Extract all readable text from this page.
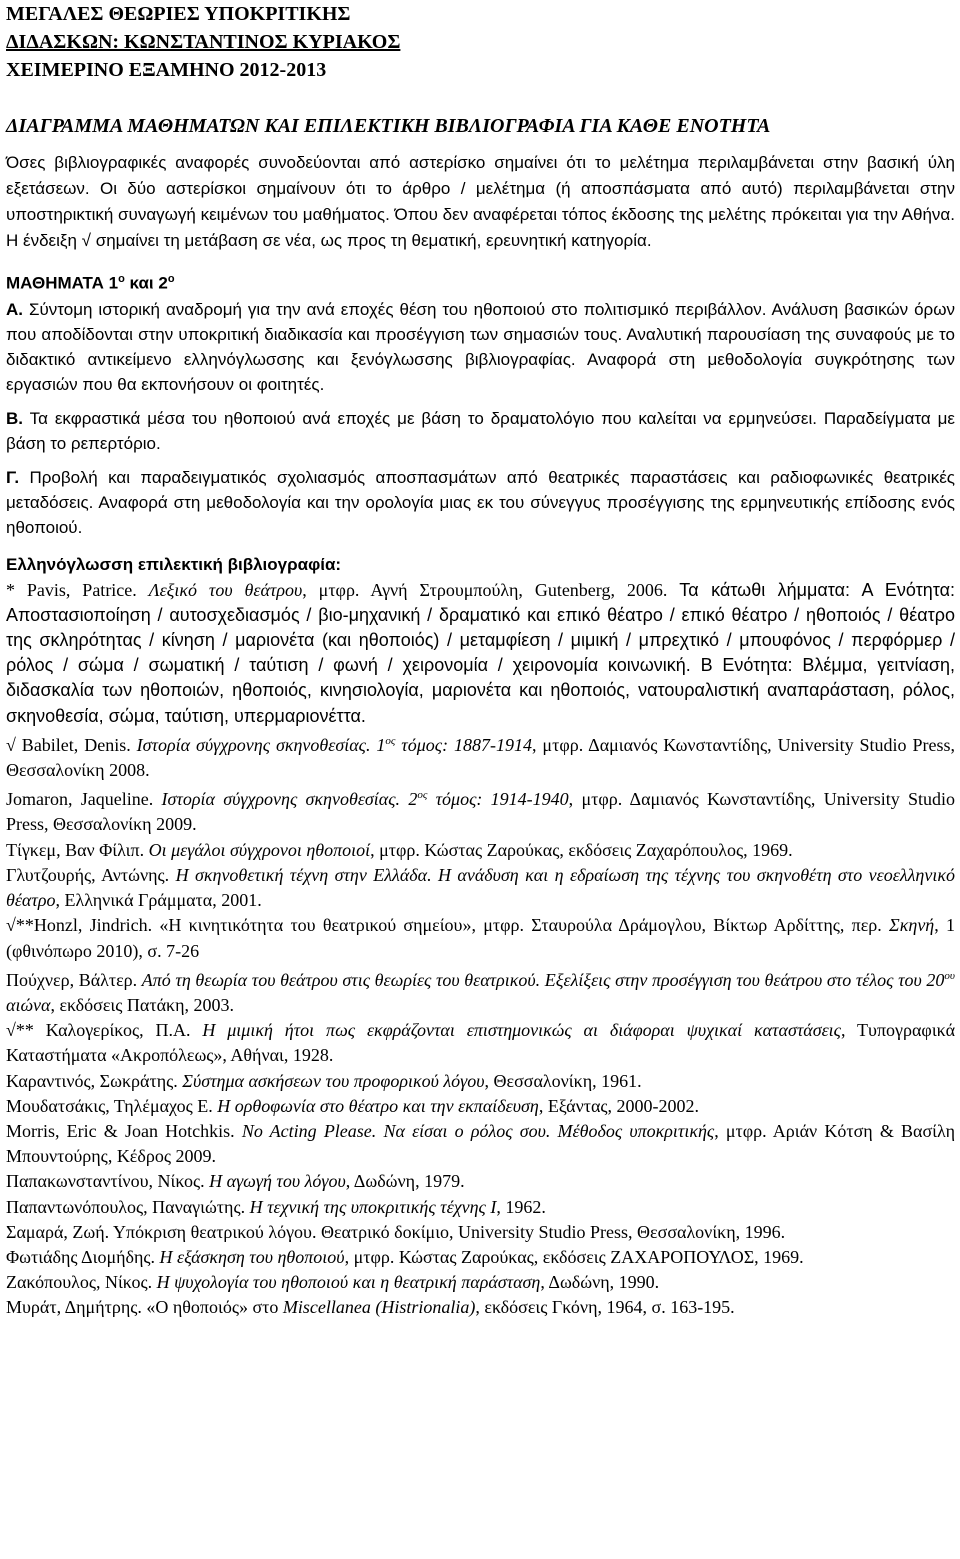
ΜΕΓΑΛΕΣ ΘΕΩΡΙΕΣ ΥΠΟΚΡΙΤΙΚΗΣ
ΔΙΔΑΣΚΩΝ: ΚΩΝΣΤΑΝΤΙΝΟΣ ΚΥΡΙΑΚΟΣ
ΧΕΙΜΕΡΙΝΟ ΕΞΑΜΗΝΟ 2012-2013
ΔΙΑΓΡΑΜΜΑ ΜΑΘΗΜΑΤΩΝ ΚΑΙ ΕΠΙΛΕΚΤΙΚΗ ΒΙΒΛΙΟΓΡΑΦΙΑ ΓΙΑ ΚΑΘΕ ΕΝΟΤΗΤΑ
Όσες βιβλιογραφικές αναφορές συνοδεύονται από αστερίσκο σημαίνει ότι το μελέτημα περιλαμβάνεται στην βασική ύλη εξετάσεων. Οι δύο αστερίσκοι σημαίνουν ότι το άρθρο / μελέτημα (ή αποσπάσματα από αυτό) περιλαμβάνεται στην υποστηρικτική συναγωγή κειμένων του μαθήματος. Όπου δεν αναφέρεται τόπος έκδοσης της μελέτης πρόκειται για την Αθήνα. Η ένδειξη √ σημαίνει τη μετάβαση σε νέα, ως προς τη θεματική, ερευνητική κατηγορία.
ΜΑΘΗΜΑΤΑ $1^o$ και $2^o$
Α. Σύντομη ιστορική αναδρομή για την ανά εποχές θέση του ηθοποιού στο πολιτισμικό περιβάλλον. Ανάλυση βασικών όρων που αποδίδονται στην υποκριτική διαδικασία και προσέγγιση των σημασιών τους. Αναλυτική παρουσίαση της συναφούς με το διδακτικό αντικείμενο ελληνόγλωσσης και ξενόγλωσσης βιβλιογραφίας. Αναφορά στη μεθοδολογία συγκρότησης των εργασιών που θα εκπονήσουν οι φοιτητές.
Β. Τα εκφραστικά μέσα του ηθοποιού ανά εποχές με βάση το δραματολόγιο που καλείται να ερμηνεύσει. Παραδείγματα με βάση το ρεπερτόριο.
Γ. Προβολή και παραδειγματικός σχολιασμός αποσπασμάτων από θεατρικές παραστάσεις και ραδιοφωνικές θεατρικές μεταδόσεις. Αναφορά στη μεθοδολογία και την ορολογία μιας εκ του σύνεγγυς προσέγγισης της ερμηνευτικής επίδοσης ενός ηθοποιού.
Ελληνόγλωσση επιλεκτική βιβλιογραφία:
* Pavis, Patrice. Λεξικό του θεάτρου, μτφρ. Αγνή Στρουμπούλη, Gutenberg, 2006. Τα κάτωθι λήμματα: Α Ενότητα: Αποστασιοποίηση / αυτοσχεδιασμός / βιο-μηχανική / δραματικό και επικό θέατρο / επικό θέατρο / ηθοποιός / θέατρο της σκληρότητας / κίνηση / μαριονέτα (και ηθοποιός) / μεταμφίεση / μιμική / μπρεχτικό / μπουφόνος / περφόρμερ / ρόλος / σώμα / σωματική / ταύτιση / φωνή / χειρονομία / χειρονομία κοινωνική. Β Ενότητα: Βλέμμα, γειτνίαση, διδασκαλία των ηθοποιών, ηθοποιός, κινησιολογία, μαριονέτα και ηθοποιός, νατουραλιστική αναπαράσταση, ρόλος, σκηνοθεσία, σώμα, ταύτιση, υπερμαριονέττα.
√ Babilet, Denis. Ιστορία σύγχρονης σκηνοθεσίας. $1^{o\varsigma}$ τόμος: 1887-1914, μτφρ. Δαμιανός Κωνσταντίδης, University Studio Press, Θεσσαλονίκη 2008.
Jomaron, Jaqueline. Ιστορία σύγχρονης σκηνοθεσίας. $2^{o\varsigma}$ τόμος: 1914-1940, μτφρ. Δαμιανός Κωνσταντίδης, University Studio Press, Θεσσαλονίκη 2009.
Τίγκεμ, Βαν Φίλιπ. Οι μεγάλοι σύγχρονοι ηθοποιοί, μτφρ. Κώστας Ζαρούκας, εκδόσεις Ζαχαρόπουλος, 1969.
Γλυτζουρής, Αντώνης. Η σκηνοθετική τέχνη στην Ελλάδα. Η ανάδυση και η εδραίωση της τέχνης του σκηνοθέτη στο νεοελληνικό θέατρο, Ελληνικά Γράμματα, 2001.
√**Honzl, Jindrich. «Η κινητικότητα του θεατρικού σημείου», μτφρ. Σταυρούλα Δράμογλου, Βίκτωρ Αρδίττης, περ. Σκηνή, 1 (φθινόπωρο 2010), σ. 7-26
Πούχνερ, Βάλτερ. Από τη θεωρία του θεάτρου στις θεωρίες του θεατρικού. Εξελίξεις στην προσέγγιση του θεάτρου στο τέλος του $20^{o\upsilon}$ αιώνα, εκδόσεις Πατάκη, 2003.
√** Καλογερίκος, Π.Α. Η μιμική ήτοι πως εκφράζονται επιστημονικώς αι διάφοραι ψυχικαί καταστάσεις, Τυπογραφικά Καταστήματα «Ακροπόλεως», Αθήναι, 1928.
Καραντινός, Σωκράτης. Σύστημα ασκήσεων του προφορικού λόγου, Θεσσαλονίκη, 1961.
Μουδατσάκις, Τηλέμαχος Ε. Η ορθοφωνία στο θέατρο και την εκπαίδευση, Εξάντας, 2000-2002.
Morris, Eric & Joan Hotchkis. No Acting Please. Να είσαι ο ρόλος σου. Μέθοδος υποκριτικής, μτφρ. Αριάν Κότση & Βασίλη Μπουντούρης, Κέδρος 2009.
Παπακωνσταντίνου, Νίκος. Η αγωγή του λόγου, Δωδώνη, 1979.
Παπαντωνόπουλος, Παναγιώτης. Η τεχνική της υποκριτικής τέχνης Ι, 1962.
Σαμαρά, Ζωή. Υπόκριση θεατρικού λόγου. Θεατρικό δοκίμιο, University Studio Press, Θεσσαλονίκη, 1996.
Φωτιάδης Διομήδης. Η εξάσκηση του ηθοποιού, μτφρ. Κώστας Ζαρούκας, εκδόσεις ΖΑΧΑΡΟΠΟΥΛΟΣ, 1969.
Ζακόπουλος, Νίκος. Η ψυχολογία του ηθοποιού και η θεατρική παράσταση, Δωδώνη, 1990.
Μυράτ, Δημήτρης. «Ο ηθοποιός» στο Miscellanea (Histrionalia), εκδόσεις Γκόνη, 1964, σ. 163-195.
